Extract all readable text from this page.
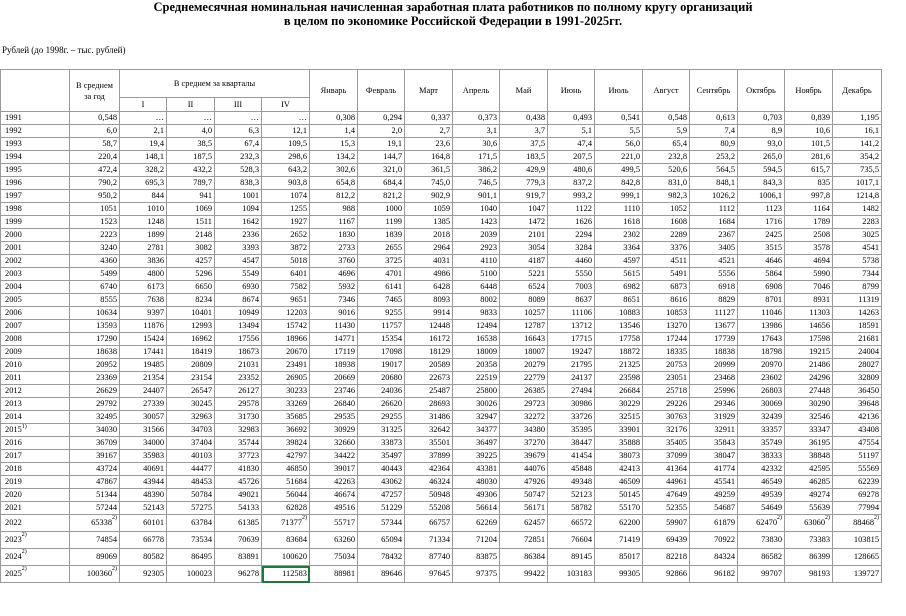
Среднемесячная номинальная начисленная заработная плата работников по полному кругу организаций
в целом по экономике Российской Федерации в 1991-2025гг.
Рублей (до 1998г. – тыс. рублей)
	В среднем за год	В среднем за кварталы				Январь	Февраль	Март	Апрель	Май	Июнь	Июль	Август	Сентябрь	Октябрь	Ноябрь	Декабрь
		I	II	III	IV												
1991	0,548	…	…	…	…	0,308	0,294	0,337	0,373	0,438	0,493	0,541	0,548	0,613	0,703	0,839	1,195
1992	6,0	2,1	4,0	6,3	12,1	1,4	2,0	2,7	3,1	3,7	5,1	5,5	5,9	7,4	8,9	10,6	16,1
1993	58,7	19,4	38,5	67,4	109,5	15,3	19,1	23,6	30,6	37,5	47,4	56,0	65,4	80,9	93,0	101,5	141,2
1994	220,4	148,1	187,5	232,3	298,6	134,2	144,7	164,8	171,5	183,5	207,5	221,0	232,8	253,2	265,0	281,6	354,2
1995	472,4	328,2	432,2	528,3	643,2	302,6	321,0	361,5	386,2	429,9	480,6	499,5	520,6	564,5	594,5	615,7	735,5
1996	790,2	695,3	789,7	838,3	903,8	654,8	684,4	745,0	746,5	779,3	837,2	842,8	831,0	848,1	843,3	835	1017,1
1997	950,2	844	941	1001	1074	812,2	821,2	902,9	901,1	919,7	993,2	999,1	982,3	1026,2	1006,1	997,8	1214,8
1998	1051	1010	1069	1094	1255	988	1000	1059	1040	1047	1122	1110	1052	1112	1123	1164	1482
1999	1523	1248	1511	1642	1927	1167	1199	1385	1423	1472	1626	1618	1608	1684	1716	1789	2283
2000	2223	1899	2148	2336	2652	1830	1839	2018	2039	2101	2294	2302	2289	2367	2425	2508	3025
2001	3240	2781	3082	3393	3872	2733	2655	2964	2923	3054	3284	3364	3376	3405	3515	3578	4541
2002	4360	3836	4257	4547	5018	3760	3725	4031	4110	4187	4460	4597	4511	4521	4646	4694	5738
2003	5499	4800	5296	5549	6401	4696	4701	4986	5100	5221	5550	5615	5491	5556	5864	5990	7344
2004	6740	6173	6650	6930	7582	5932	6141	6428	6448	6524	7003	6982	6873	6918	6908	7046	8799
2005	8555	7638	8234	8674	9651	7346	7465	8093	8002	8089	8637	8651	8616	8829	8701	8931	11319
2006	10634	9397	10401	10949	12203	9016	9255	9914	9833	10257	11106	10883	10853	11127	11046	11303	14263
2007	13593	11876	12993	13494	15742	11430	11757	12448	12494	12787	13712	13546	13270	13677	13986	14656	18591
2008	17290	15424	16962	17556	18966	14771	15354	16172	16538	16643	17715	17758	17244	17739	17643	17598	21681
2009	18638	17441	18419	18673	20670	17119	17098	18129	18009	18007	19247	18872	18335	18838	18798	19215	24004
2010	20952	19485	20809	21031	23491	18938	19017	20589	20358	20279	21795	21325	20753	20999	20970	21486	28027
2011	23369	21354	23154	23352	26905	20669	20680	22673	22519	22779	24137	23598	23051	23468	23602	24296	32809
2012	26629	24407	26547	26127	30233	23746	24036	25487	25800	26385	27494	26684	25718	25996	26803	27448	36450
2013	29792	27339	30245	29578	33269	26840	26620	28693	30026	29723	30986	30229	29226	29346	30069	30290	39648
2014	32495	30057	32963	31730	35685	29535	29255	31486	32947	32272	33726	32515	30763	31929	32439	32546	42136
2015$^{1)}$	34030	31566	34703	32983	36692	30929	31325	32642	34377	34380	35395	33901	32176	32911	33357	33347	43408
2016	36709	34000	37404	35744	39824	32660	33873	35501	36497	37270	38447	35888	35405	35843	35749	36195	47554
2017	39167	35983	40103	37723	42797	34422	35497	37899	39225	39679	41454	38073	37099	38047	38333	38848	51197
2018	43724	40691	44477	41830	46850	39017	40443	42364	43381	44076	45848	42413	41364	41774	42332	42595	55569
2019	47867	43944	48453	45726	51684	42263	43062	46324	48030	47926	49348	46509	44961	45541	46549	46285	62239
2020	51344	48390	50784	49021	56044	46674	47257	50948	49306	50747	52123	50145	47649	49259	49539	49274	69278
2021	57244	52143	57275	54133	62828	49516	51229	55208	56614	56171	58782	55170	52355	54687	54649	55639	77994
2022	65338$^{2)}$	60101	63784	61385	71377$^{2)}$	55717	57344	66757	62269	62457	66572	62200	59907	61879	62470$^{2)}$	63060$^{2)}$	88468$^{2)}$
2023$^{2)}$	74854	66778	73534	70639	83684	63260	65094	71334	71204	72851	76604	71419	69439	70922	73830	73383	103815
2024$^{2)}$	89069	80582	86495	83891	100620	75034	78432	87740	83875	86384	89145	85017	82218	84324	86582	86399	128665
2025$^{2)}$	100360$^{2)}$	92305	100023	96278	112583	88981	89646	97645	97375	99422	103183	99305	92866	96182	99707	98193	139727
